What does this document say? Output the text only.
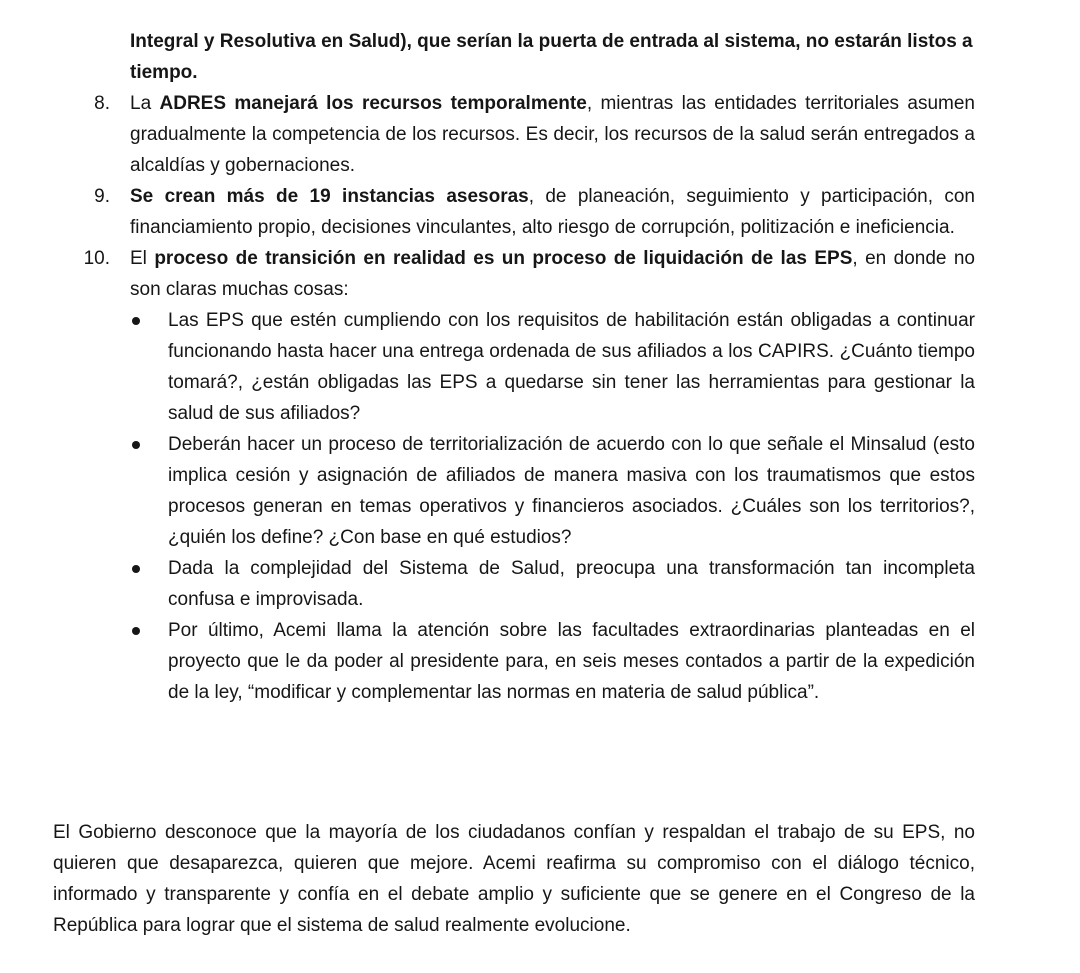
Integral y Resolutiva en Salud), que serían la puerta de entrada al sistema, no estarán listos a tiempo.
8. La ADRES manejará los recursos temporalmente, mientras las entidades territoriales asumen gradualmente la competencia de los recursos. Es decir, los recursos de la salud serán entregados a alcaldías y gobernaciones.
9. Se crean más de 19 instancias asesoras, de planeación, seguimiento y participación, con financiamiento propio, decisiones vinculantes, alto riesgo de corrupción, politización e ineficiencia.
10. El proceso de transición en realidad es un proceso de liquidación de las EPS, en donde no son claras muchas cosas:
Las EPS que estén cumpliendo con los requisitos de habilitación están obligadas a continuar funcionando hasta hacer una entrega ordenada de sus afiliados a los CAPIRS. ¿Cuánto tiempo tomará?, ¿están obligadas las EPS a quedarse sin tener las herramientas para gestionar la salud de sus afiliados?
Deberán hacer un proceso de territorialización de acuerdo con lo que señale el Minsalud (esto implica cesión y asignación de afiliados de manera masiva con los traumatismos que estos procesos generan en temas operativos y financieros asociados. ¿Cuáles son los territorios?, ¿quién los define? ¿Con base en qué estudios?
Dada la complejidad del Sistema de Salud, preocupa una transformación tan incompleta confusa e improvisada.
Por último, Acemi llama la atención sobre las facultades extraordinarias planteadas en el proyecto que le da poder al presidente para, en seis meses contados a partir de la expedición de la ley, “modificar y complementar las normas en materia de salud pública”.
El Gobierno desconoce que la mayoría de los ciudadanos confían y respaldan el trabajo de su EPS, no quieren que desaparezca, quieren que mejore. Acemi reafirma su compromiso con el diálogo técnico, informado y transparente y confía en el debate amplio y suficiente que se genere en el Congreso de la República para lograr que el sistema de salud realmente evolucione.
